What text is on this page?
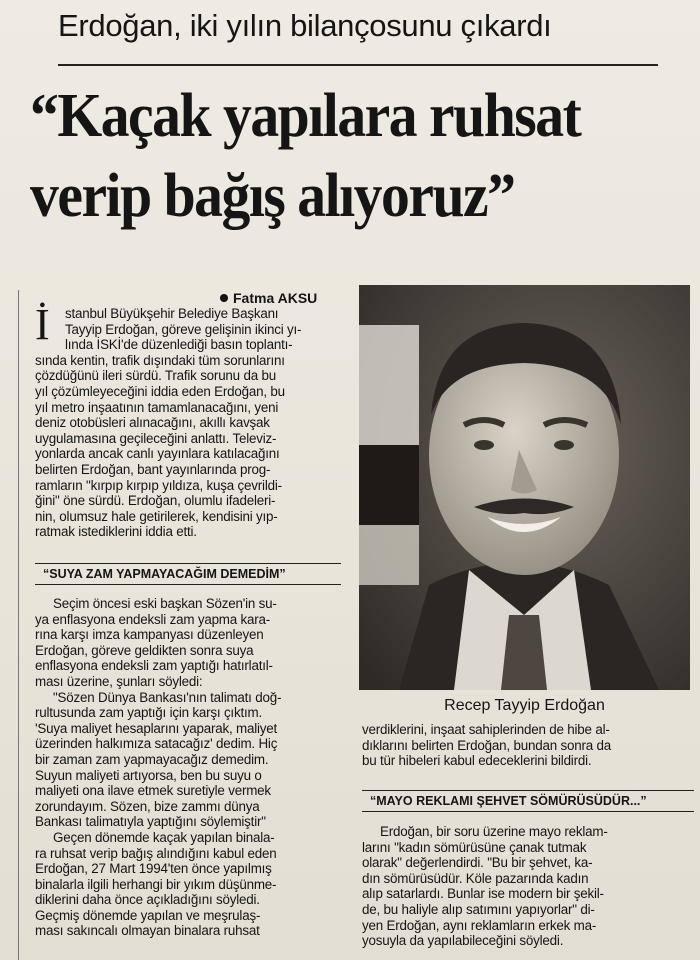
Erdoğan, iki yılın bilançosunu çıkardı
“Kaçak yapılara ruhsat
verip bağış alıyoruz”
Fatma AKSU
İ	stanbul Büyükşehir Belediye Başkanı

Tayyip Erdoğan, göreve gelişinin ikinci yı-

lında İSKİ'de düzenlediği basın toplantı-

sında kentin, trafik dışındaki tüm sorunlarını

çözdüğünü ileri sürdü. Trafik sorunu da bu

yıl çözümleyeceğini iddia eden Erdoğan, bu

yıl metro inşaatının tamamlanacağını, yeni

deniz otobüsleri alınacağını, akıllı kavşak

uygulamasına geçileceğini anlattı. Televiz-

yonlarda ancak canlı yayınlara katılacağını

belirten Erdoğan, bant yayınlarında prog-

ramların "kırpıp kırpıp yıldıza, kuşa çevrildi-

ğini" öne sürdü. Erdoğan, olumlu ifadeleri-

nin, olumsuz hale getirilerek, kendisini yıp-

ratmak istediklerini iddia etti.

“SUYA ZAM YAPMAYACAĞIM DEMEDİM”

Seçim öncesi eski başkan Sözen'in su-

ya enflasyona endeksli zam yapma kara-

rına karşı imza kampanyası düzenleyen

Erdoğan, göreve geldikten sonra suya

enflasyona endeksli zam yaptığı hatırlatıl-

ması üzerine, şunları söyledi:

"Sözen Dünya Bankası'nın talimatı doğ-

rultusunda zam yaptığı için karşı çıktım.

'Suya maliyet hesaplarını yaparak, maliyet

üzerinden halkımıza satacağız' dedim. Hiç

bir zaman zam yapmayacağız demedim.

Suyun maliyeti artıyorsa, ben bu suyu o

maliyeti ona ilave etmek suretiyle vermek

zorundayım. Sözen, bize zammı dünya

Bankası talimatıyla yaptığını söylemiştir"

Geçen dönemde kaçak yapılan binala-

ra ruhsat verip bağış alındığını kabul eden

Erdoğan, 27 Mart 1994'ten önce yapılmış

binalarla ilgili herhangi bir yıkım düşünme-

diklerini daha önce açıkladığını söyledi.

Geçmiş dönemde yapılan ve meşrulaş-

ması sakıncalı olmayan binalara ruhsat

Recep Tayyip Erdoğan

verdiklerini, inşaat sahiplerinden de hibe al-

dıklarını belirten Erdoğan, bundan sonra da

bu tür hibeleri kabul edeceklerini bildirdi.

“MAYO REKLAMI ŞEHVET SÖMÜRÜSÜDÜR...”

Erdoğan, bir soru üzerine mayo reklam-

larını "kadın sömürüsüne çanak tutmak

olarak" değerlendirdi. "Bu bir şehvet, ka-

dın sömürüsüdür. Köle pazarında kadın

alıp satarlardı. Bunlar ise modern bir şekil-

de, bu haliyle alıp satımını yapıyorlar" di-

yen Erdoğan, aynı reklamların erkek ma-

yosuyla da yapılabileceğini söyledi.
